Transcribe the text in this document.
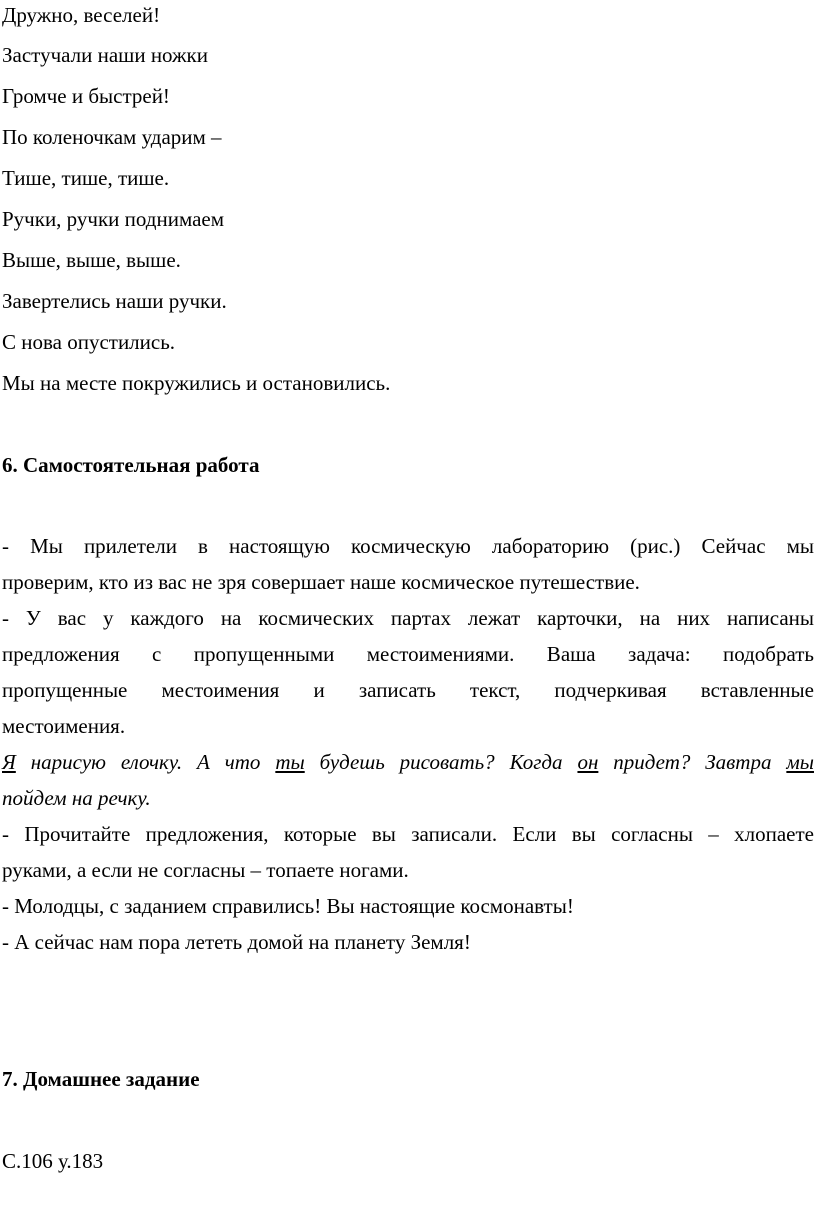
Дружно, веселей!
Застучали наши ножки
Громче и быстрей!
По коленочкам ударим –
Тише, тише, тише.
Ручки, ручки поднимаем
Выше, выше, выше.
Завертелись наши ручки.
С нова опустились.
Мы на месте покружились и остановились.
6. Самостоятельная работа
- Мы прилетели в настоящую космическую лабораторию (рис.) Сейчас мы
проверим, кто из вас не зря совершает наше космическое путешествие.
- У вас у каждого на космических партах лежат карточки, на них написаны
предложения с пропущенными местоимениями. Ваша задача: подобрать
пропущенные местоимения и записать текст, подчеркивая вставленные
местоимения.
Я нарисую елочку. А что ты будешь рисовать? Когда он придет? Завтра мы
пойдем на речку.
- Прочитайте предложения, которые вы записали. Если вы согласны – хлопаете
руками, а если не согласны – топаете ногами.
- Молодцы, с заданием справились! Вы настоящие космонавты!
- А сейчас нам пора лететь домой на планету Земля!
7. Домашнее задание
С.106 у.183
